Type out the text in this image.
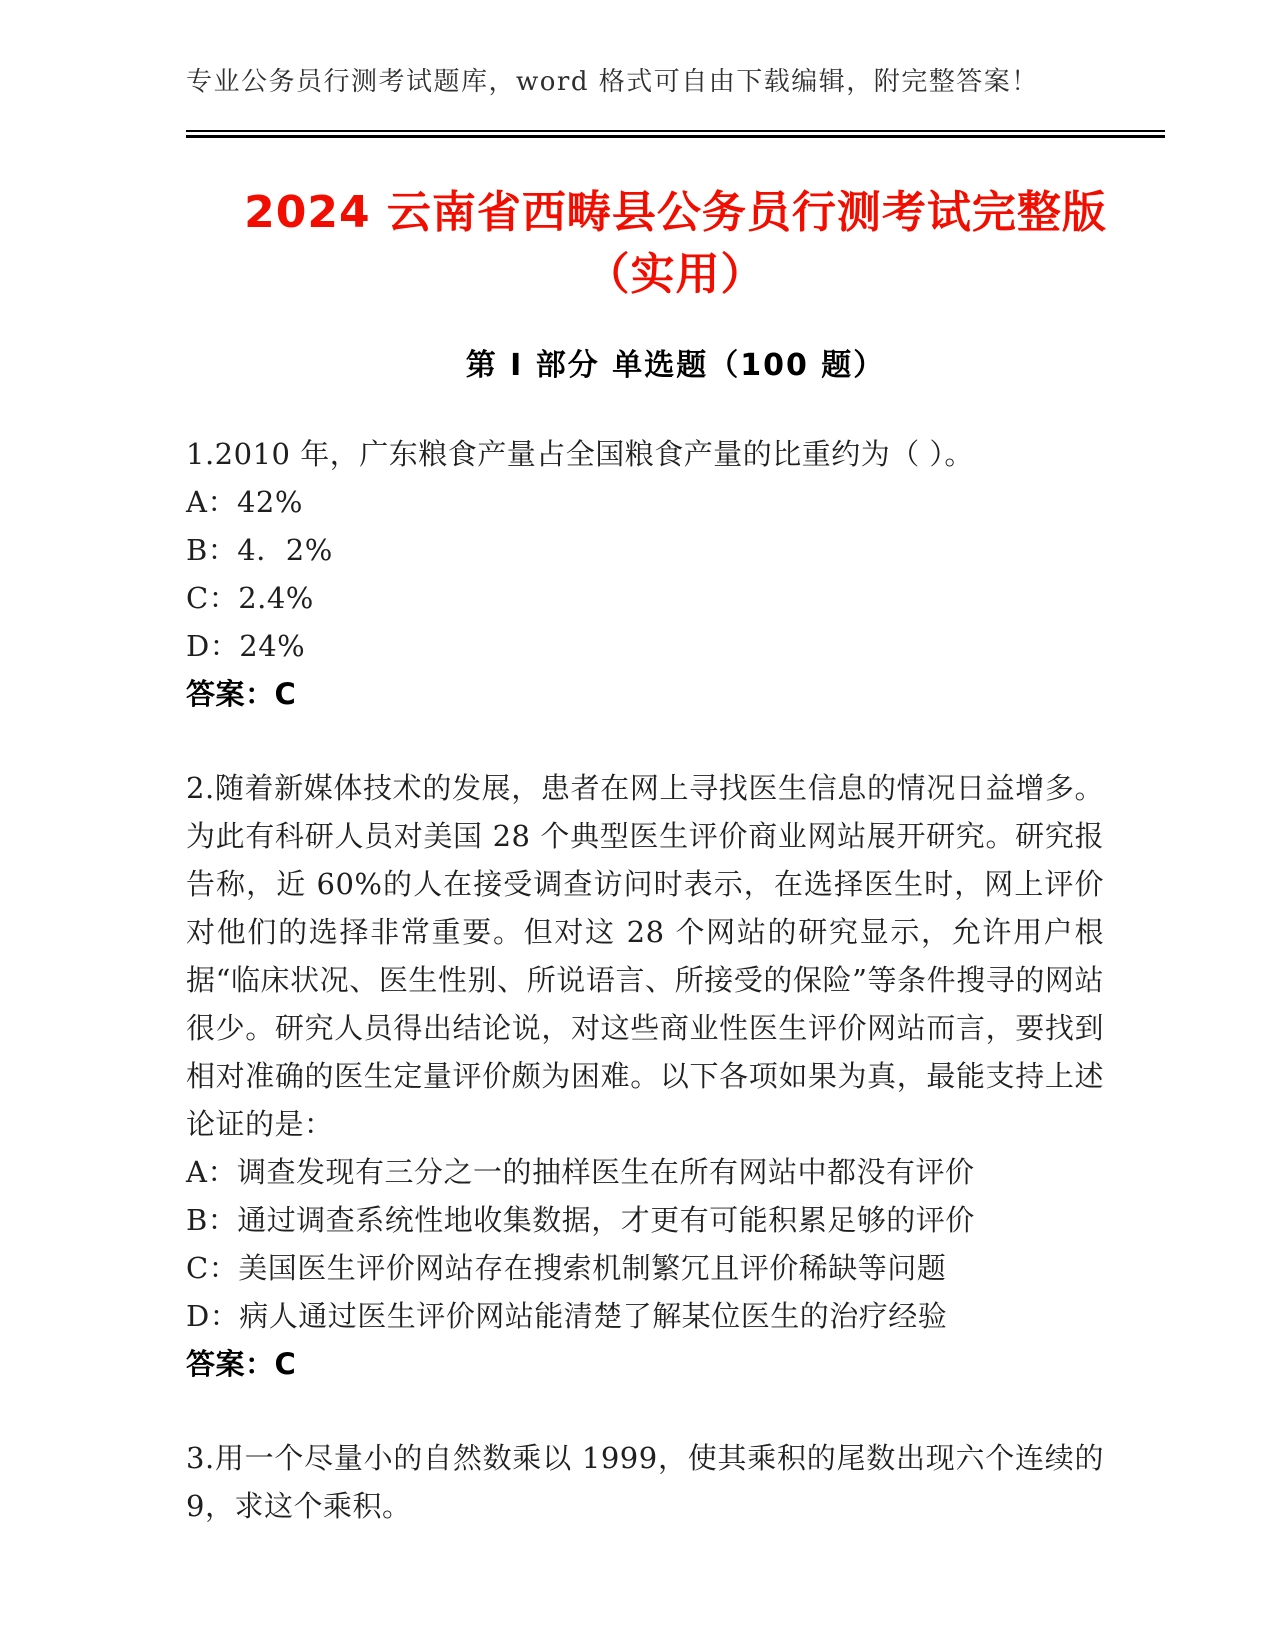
专业公务员行测考试题库，word 格式可自由下载编辑，附完整答案！
2024 云南省西畴县公务员行测考试完整版（实用）
第 I 部分 单选题（100 题）
1.2010 年，广东粮食产量占全国粮食产量的比重约为（ ）。
A：42%
B：4．2%
C：2.4%
D：24%
答案：C
2.随着新媒体技术的发展，患者在网上寻找医生信息的情况日益增多。为此有科研人员对美国 28 个典型医生评价商业网站展开研究。研究报告称，近 60%的人在接受调查访问时表示，在选择医生时，网上评价对他们的选择非常重要。但对这 28 个网站的研究显示，允许用户根据“临床状况、医生性别、所说语言、所接受的保险”等条件搜寻的网站很少。研究人员得出结论说，对这些商业性医生评价网站而言，要找到相对准确的医生定量评价颇为困难。以下各项如果为真，最能支持上述论证的是：
A：调查发现有三分之一的抽样医生在所有网站中都没有评价
B：通过调查系统性地收集数据，才更有可能积累足够的评价
C：美国医生评价网站存在搜索机制繁冗且评价稀缺等问题
D：病人通过医生评价网站能清楚了解某位医生的治疗经验
答案：C
3.用一个尽量小的自然数乘以 1999，使其乘积的尾数出现六个连续的 9，求这个乘积。
